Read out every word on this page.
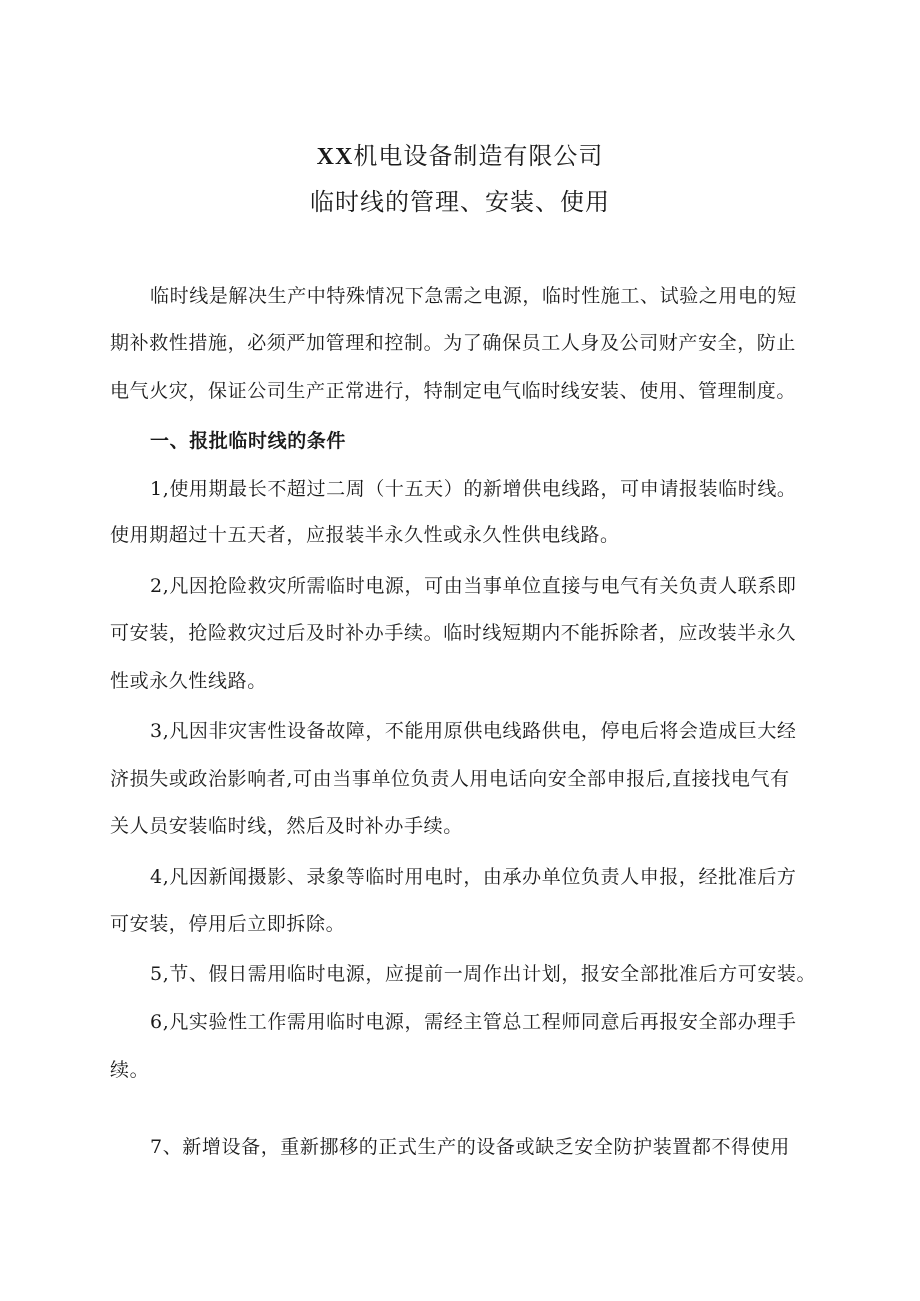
XX机电设备制造有限公司
临时线的管理、安装、使用
临时线是解决生产中特殊情况下急需之电源，临时性施工、试验之用电的短
期补救性措施，必须严加管理和控制。为了确保员工人身及公司财产安全，防止
电气火灾，保证公司生产正常进行，特制定电气临时线安装、使用、管理制度。
一、报批临时线的条件
1,使用期最长不超过二周（十五天）的新增供电线路，可申请报装临时线。
使用期超过十五天者，应报装半永久性或永久性供电线路。
2,凡因抢险救灾所需临时电源，可由当事单位直接与电气有关负责人联系即
可安装，抢险救灾过后及时补办手续。临时线短期内不能拆除者，应改装半永久
性或永久性线路。
3,凡因非灾害性设备故障，不能用原供电线路供电，停电后将会造成巨大经
济损失或政治影响者,可由当事单位负责人用电话向安全部申报后,直接找电气有
关人员安装临时线，然后及时补办手续。
4,凡因新闻摄影、录象等临时用电时，由承办单位负责人申报，经批准后方
可安装，停用后立即拆除。
5,节、假日需用临时电源，应提前一周作出计划，报安全部批准后方可安装。
6,凡实验性工作需用临时电源，需经主管总工程师同意后再报安全部办理手
续。
7、新增设备，重新挪移的正式生产的设备或缺乏安全防护装置都不得使用
